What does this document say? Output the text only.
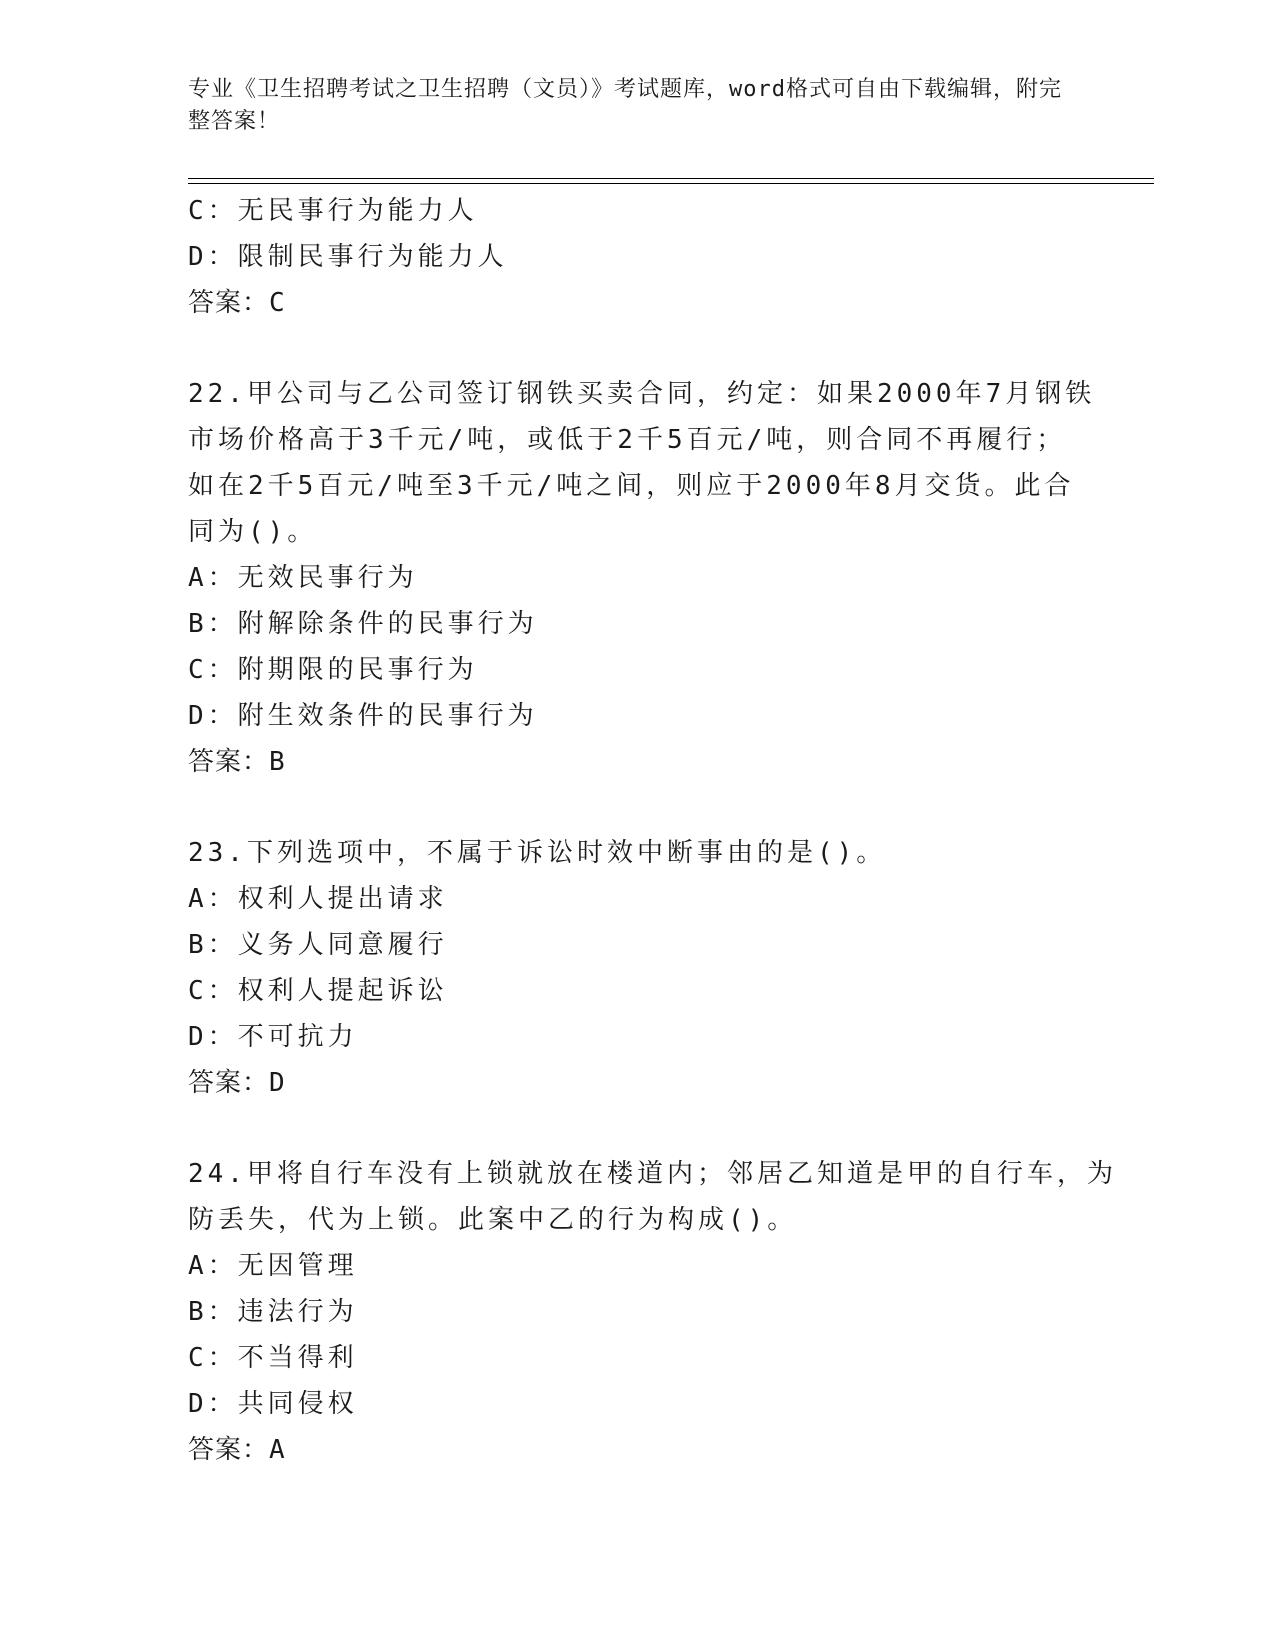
专业《卫生招聘考试之卫生招聘（文员）》考试题库，word格式可自由下载编辑，附完整答案！
C：无民事行为能力人
D：限制民事行为能力人
答案：C
22.甲公司与乙公司签订钢铁买卖合同，约定：如果2000年7月钢铁
市场价格高于3千元/吨，或低于2千5百元/吨，则合同不再履行；
如在2千5百元/吨至3千元/吨之间，则应于2000年8月交货。此合
同为()。
A：无效民事行为
B：附解除条件的民事行为
C：附期限的民事行为
D：附生效条件的民事行为
答案：B
23.下列选项中，不属于诉讼时效中断事由的是()。
A：权利人提出请求
B：义务人同意履行
C：权利人提起诉讼
D：不可抗力
答案：D
24.甲将自行车没有上锁就放在楼道内；邻居乙知道是甲的自行车，为
防丢失，代为上锁。此案中乙的行为构成()。
A：无因管理
B：违法行为
C：不当得利
D：共同侵权
答案：A
